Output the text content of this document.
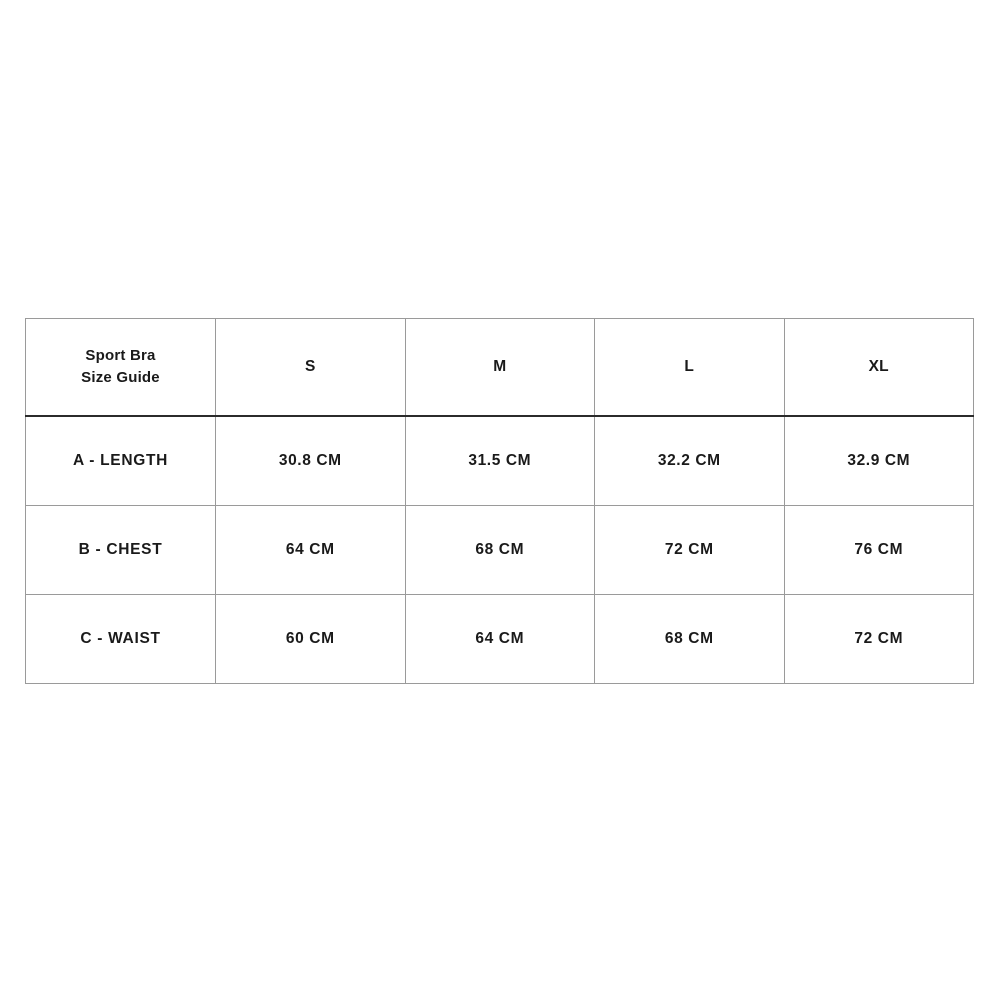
Sport Bra
Size Guide	S	M	L	XL
A - LENGTH	30.8 CM	31.5 CM	32.2 CM	32.9 CM
B - CHEST	64 CM	68 CM	72 CM	76 CM
C - WAIST	60 CM	64 CM	68 CM	72 CM
